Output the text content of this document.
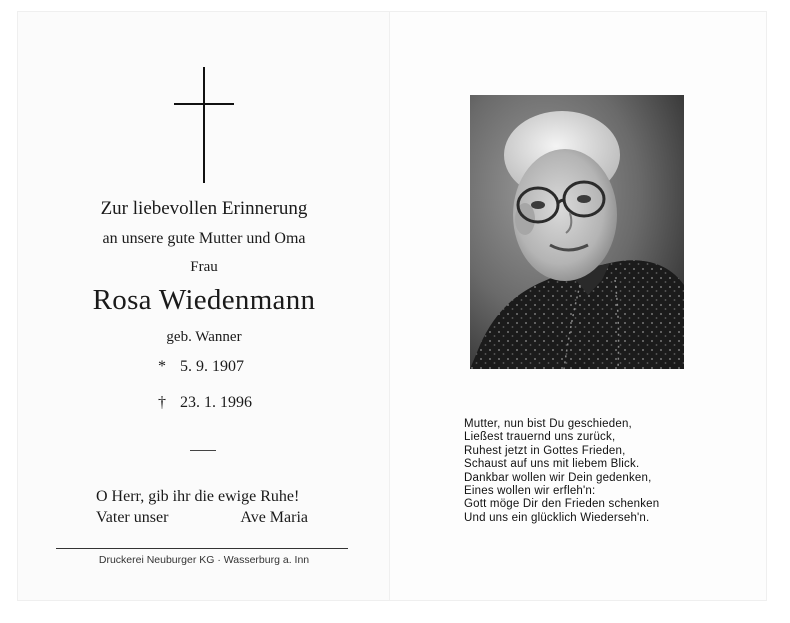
Zur liebevollen Erinnerung
an unsere gute Mutter und Oma
Frau
Rosa Wiedenmann
geb. Wanner
* 5. 9. 1907
† 23. 1. 1996
O Herr, gib ihr die ewige Ruhe!
Vater unser	Ave Maria
Druckerei Neuburger KG · Wasserburg a. Inn
Mutter, nun bist Du geschieden,
Ließest trauernd uns zurück,
Ruhest jetzt in Gottes Frieden,
Schaust auf uns mit liebem Blick.
Dankbar wollen wir Dein gedenken,
Eines wollen wir erfleh'n:
Gott möge Dir den Frieden schenken
Und uns ein glücklich Wiederseh'n.
